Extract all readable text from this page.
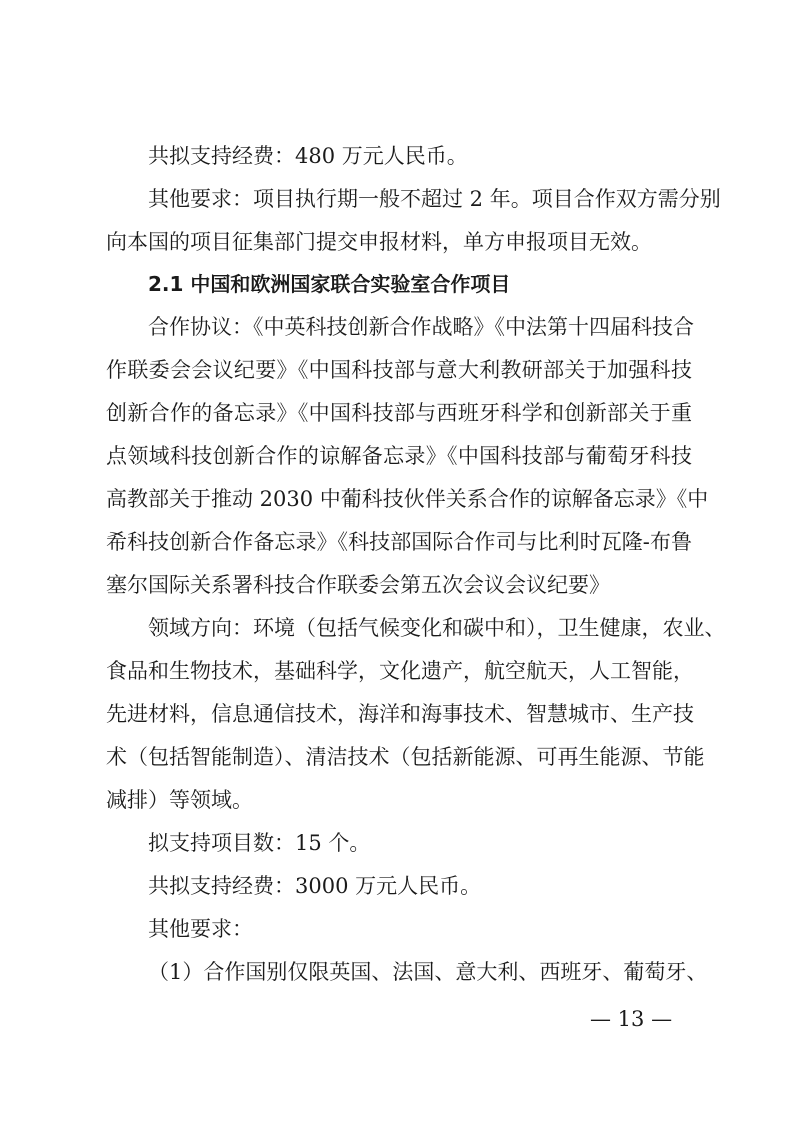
共拟支持经费：480 万元人民币。
其他要求：项目执行期一般不超过 2 年。项目合作双方需分别
向本国的项目征集部门提交申报材料，单方申报项目无效。
2.1 中国和欧洲国家联合实验室合作项目
合作协议：《中英科技创新合作战略》《中法第十四届科技合
作联委会会议纪要》《中国科技部与意大利教研部关于加强科技
创新合作的备忘录》《中国科技部与西班牙科学和创新部关于重
点领域科技创新合作的谅解备忘录》《中国科技部与葡萄牙科技
高教部关于推动 2030 中葡科技伙伴关系合作的谅解备忘录》《中
希科技创新合作备忘录》《科技部国际合作司与比利时瓦隆-布鲁
塞尔国际关系署科技合作联委会第五次会议会议纪要》
领域方向：环境（包括气候变化和碳中和），卫生健康，农业、
食品和生物技术，基础科学，文化遗产，航空航天，人工智能，
先进材料，信息通信技术，海洋和海事技术、智慧城市、生产技
术（包括智能制造）、清洁技术（包括新能源、可再生能源、节能
减排）等领域。
拟支持项目数：15 个。
共拟支持经费：3000 万元人民币。
其他要求：
（1）合作国别仅限英国、法国、意大利、西班牙、葡萄牙、
— 13 —
